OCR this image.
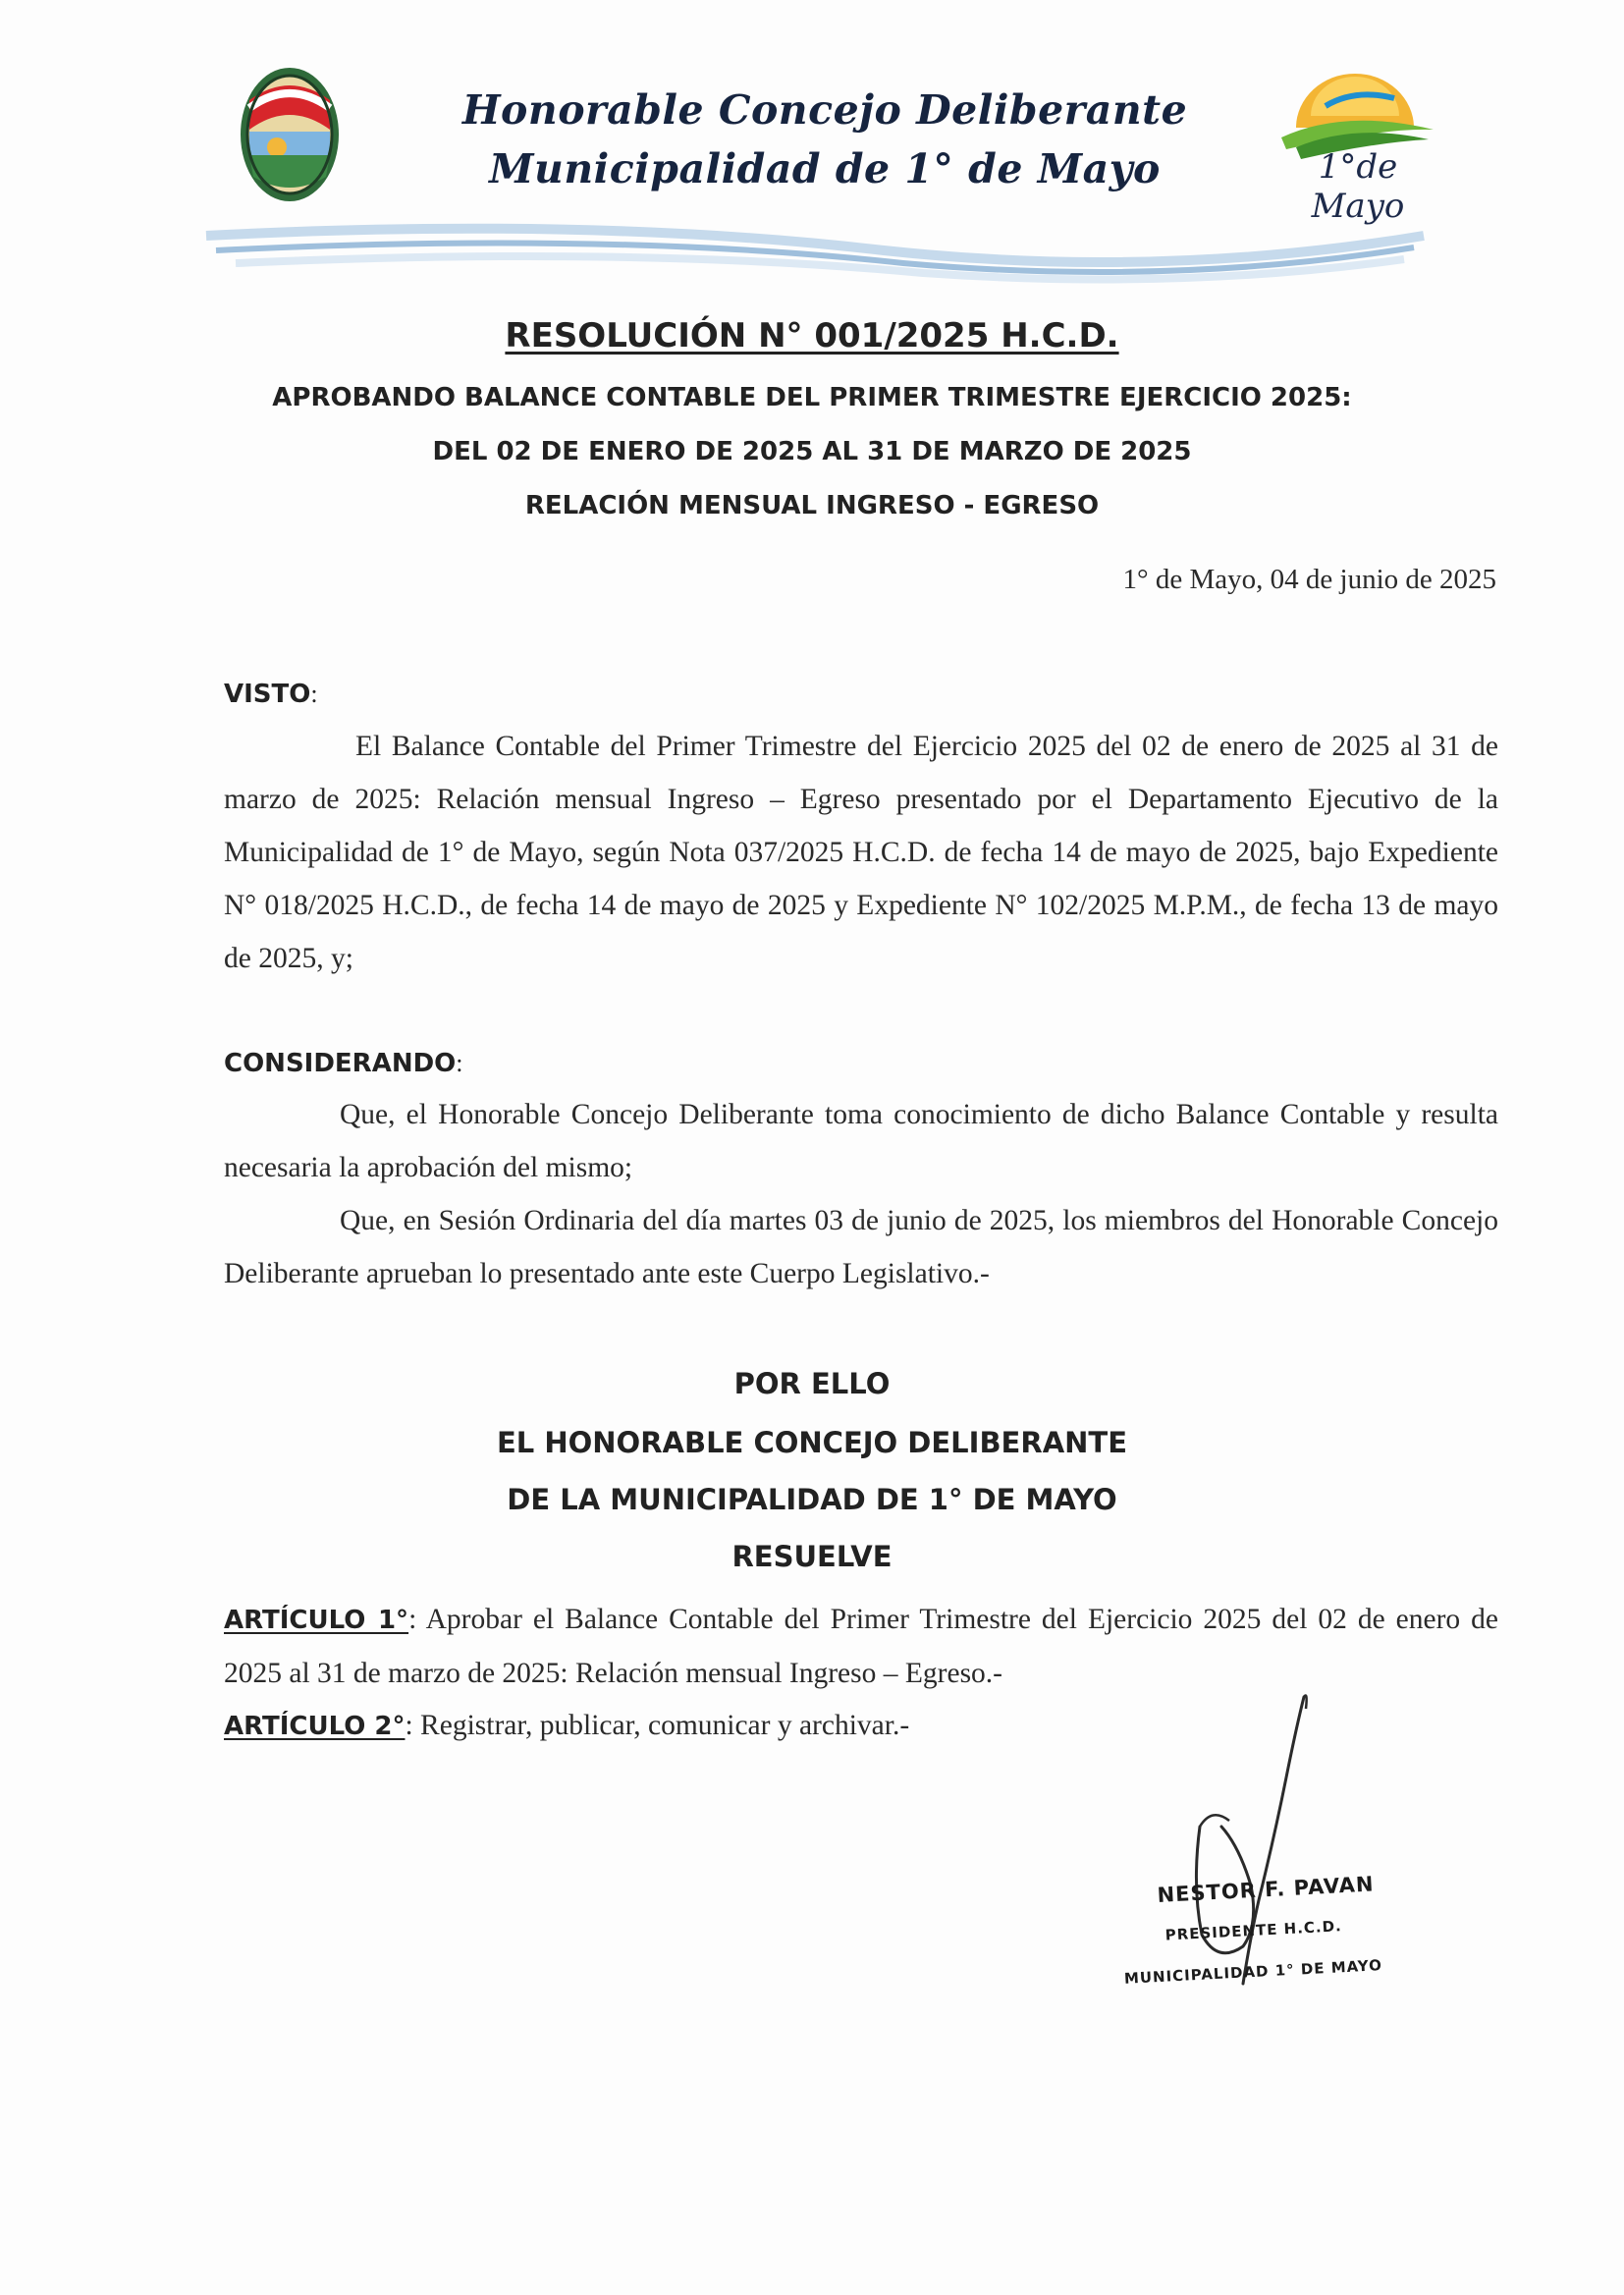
Honorable Concejo Deliberante
Municipalidad de 1° de Mayo	1°de Mayo
RESOLUCIÓN N° 001/2025 H.C.D.
APROBANDO BALANCE CONTABLE DEL PRIMER TRIMESTRE EJERCICIO 2025:
DEL 02 DE ENERO DE 2025 AL 31 DE MARZO DE 2025
RELACIÓN MENSUAL INGRESO - EGRESO
1° de Mayo, 04 de junio de 2025
VISTO:
El Balance Contable del Primer Trimestre del Ejercicio 2025 del 02 de enero de 2025 al 31 de marzo de 2025: Relación mensual Ingreso – Egreso presentado por el Departamento Ejecutivo de la Municipalidad de 1° de Mayo, según Nota 037/2025 H.C.D. de fecha 14 de mayo de 2025, bajo Expediente N° 018/2025 H.C.D., de fecha 14 de mayo de 2025 y Expediente N° 102/2025 M.P.M., de fecha 13 de mayo de 2025, y;
CONSIDERANDO:
Que, el Honorable Concejo Deliberante toma conocimiento de dicho Balance Contable y resulta necesaria la aprobación del mismo;
Que, en Sesión Ordinaria del día martes 03 de junio de 2025, los miembros del Honorable Concejo Deliberante aprueban lo presentado ante este Cuerpo Legislativo.-
POR ELLO
EL HONORABLE CONCEJO DELIBERANTE
DE LA MUNICIPALIDAD DE 1° DE MAYO
RESUELVE
ARTÍCULO 1°: Aprobar el Balance Contable del Primer Trimestre del Ejercicio 2025 del 02 de enero de 2025 al 31 de marzo de 2025: Relación mensual Ingreso – Egreso.-
ARTÍCULO 2°: Registrar, publicar, comunicar y archivar.-
NESTOR F. PAVAN
PRESIDENTE H.C.D.
MUNICIPALIDAD 1° DE MAYO
